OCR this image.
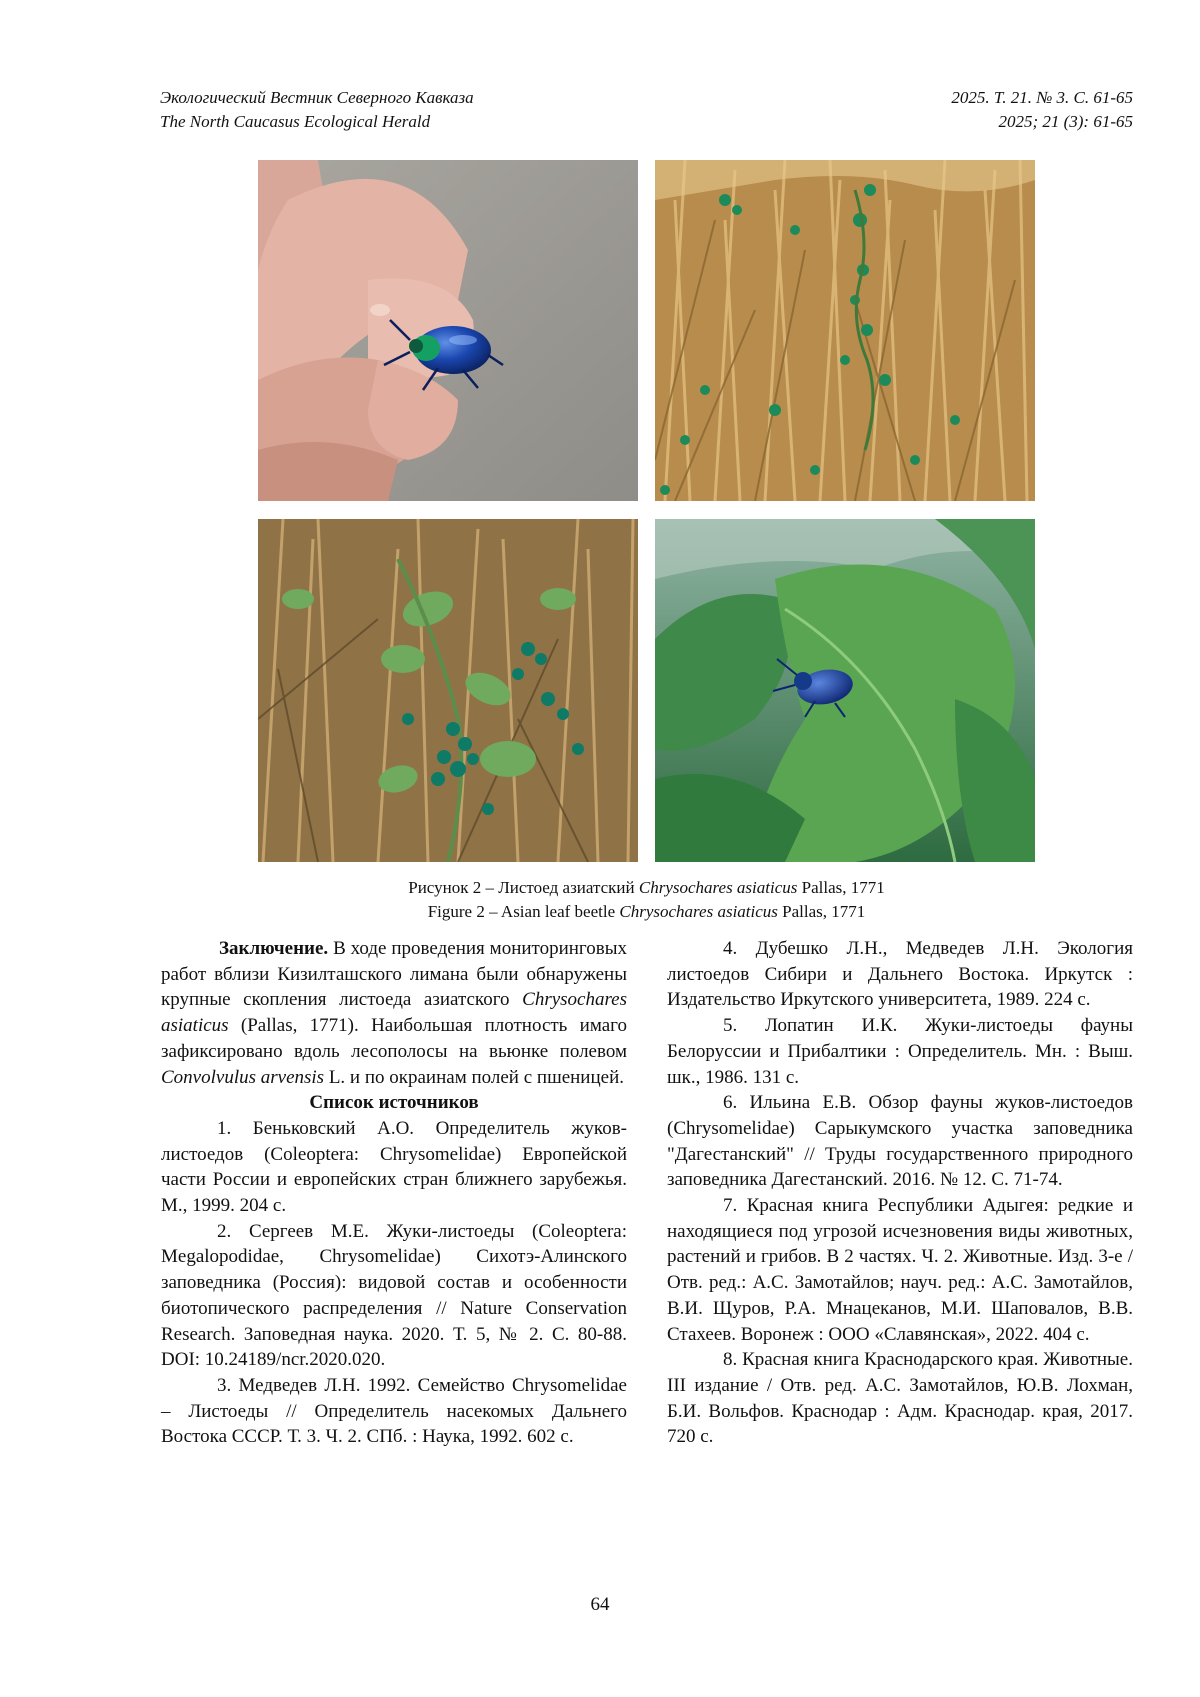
Экологический Вестник Северного Кавказа	2025. Т. 21. № 3. С. 61-65
The North Caucasus Ecological Herald	2025; 21 (3): 61-65
Рисунок 2 – Листоед азиатский Chrysochares asiaticus Pallas, 1771
Figure 2 – Asian leaf beetle Chrysochares asiaticus Pallas, 1771

Заключение. В ходе проведения мониторинговых работ вблизи Кизилташского лимана были обнаружены крупные скопления листоеда азиатского Chrysochares asiaticus (Pallas, 1771). Наибольшая плотность имаго зафиксировано вдоль лесополосы на вьюнке полевом Convolvulus arvensis L. и по окраинам полей с пшеницей.

Список источников

1. Беньковский А.О. Определитель жуков-листоедов (Coleoptera: Chrysomelidae) Европейской части России и европейских стран ближнего зарубежья. М., 1999. 204 с.

2. Сергеев М.Е. Жуки-листоеды (Coleoptera: Megalopodidae, Chrysomelidae) Сихотэ-Алинского заповедника (Россия): видовой состав и особенности биотопического распределения // Nature Conservation Research. Заповедная наука. 2020. Т. 5, № 2. С. 80-88. DOI: 10.24189/ncr.2020.020.

3. Медведев Л.Н. 1992. Семейство Chrysomelidae – Листоеды // Определитель насекомых Дальнего Востока СССР. Т. 3. Ч. 2. СПб. : Наука, 1992. 602 с.

4. Дубешко Л.Н., Медведев Л.Н. Экология листоедов Сибири и Дальнего Востока. Иркутск : Издательство Иркутского университета, 1989. 224 с.

5. Лопатин И.К. Жуки-листоеды фауны Белоруссии и Прибалтики : Определитель. Мн. : Выш. шк., 1986. 131 с.

6. Ильина Е.В. Обзор фауны жуков-листоедов (Chrysomelidae) Сарыкумского участка заповедника "Дагестанский" // Труды государственного природного заповедника Дагестанский. 2016. № 12. С. 71-74.

7. Красная книга Республики Адыгея: редкие и находящиеся под угрозой исчезновения виды животных, растений и грибов. В 2 частях. Ч. 2. Животные. Изд. 3-е / Отв. ред.: А.С. Замотайлов; науч. ред.: А.С. Замотайлов, В.И. Щуров, Р.А. Мнацеканов, М.И. Шаповалов, В.В. Стахеев. Воронеж : ООО «Славянская», 2022. 404 с.

8. Красная книга Краснодарского края. Животные. III издание / Отв. ред. А.С. Замотайлов, Ю.В. Лохман, Б.И. Вольфов. Краснодар : Адм. Краснодар. края, 2017. 720 с.

64
